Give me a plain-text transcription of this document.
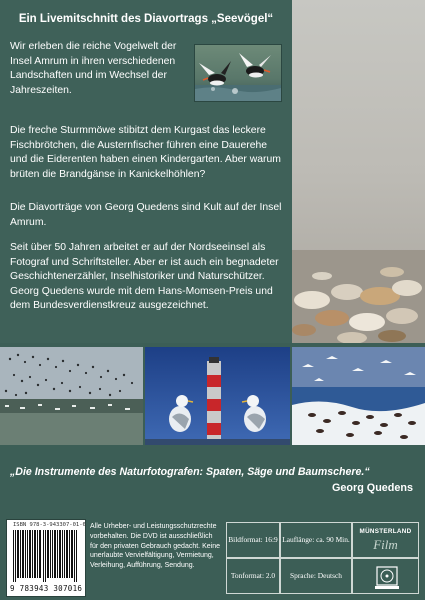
Ein Livemitschnitt des Diavortrags „Seevögel“
Wir erleben die reiche Vogelwelt der Insel Amrum in ihren verschiedenen Landschaften und im Wechsel der Jahreszeiten.
Die freche Sturmmöwe stibitzt dem Kurgast das leckere Fischbrötchen, die Austernfischer führen eine Dauerehe und die Eiderenten haben einen Kindergarten. Aber warum brüten die Brandgänse in Kanickelhöhlen?
Die Diavorträge von Georg Quedens sind Kult auf der Insel Amrum.
Seit über 50 Jahren arbeitet er auf der Nordseeinsel als Fotograf und Schriftsteller. Aber er ist auch ein begnadeter Geschichtenerzähler, Inselhistoriker und Naturschützer. Georg Quedens wurde mit dem Hans-Momsen-Preis und dem Bundesverdienstkreuz ausgezeichnet.
„Die Instrumente des Naturfotografen: Spaten, Säge und Baumschere.“
Georg Quedens
ISBN 978-3-943307-01-6
9 783943 307016
Alle Urheber- und Leistungsschutzrechte vorbehalten. Die DVD ist ausschließlich für den privaten Gebrauch gedacht. Keine unerlaubte Vervielfältigung, Vermietung, Verleihung, Aufführung, Sendung.
Bildformat: 16:9 Lauflänge: ca. 90 Min.
Tonformat: 2.0	Sprache: Deutsch
MÜNSTERLAND
Film
